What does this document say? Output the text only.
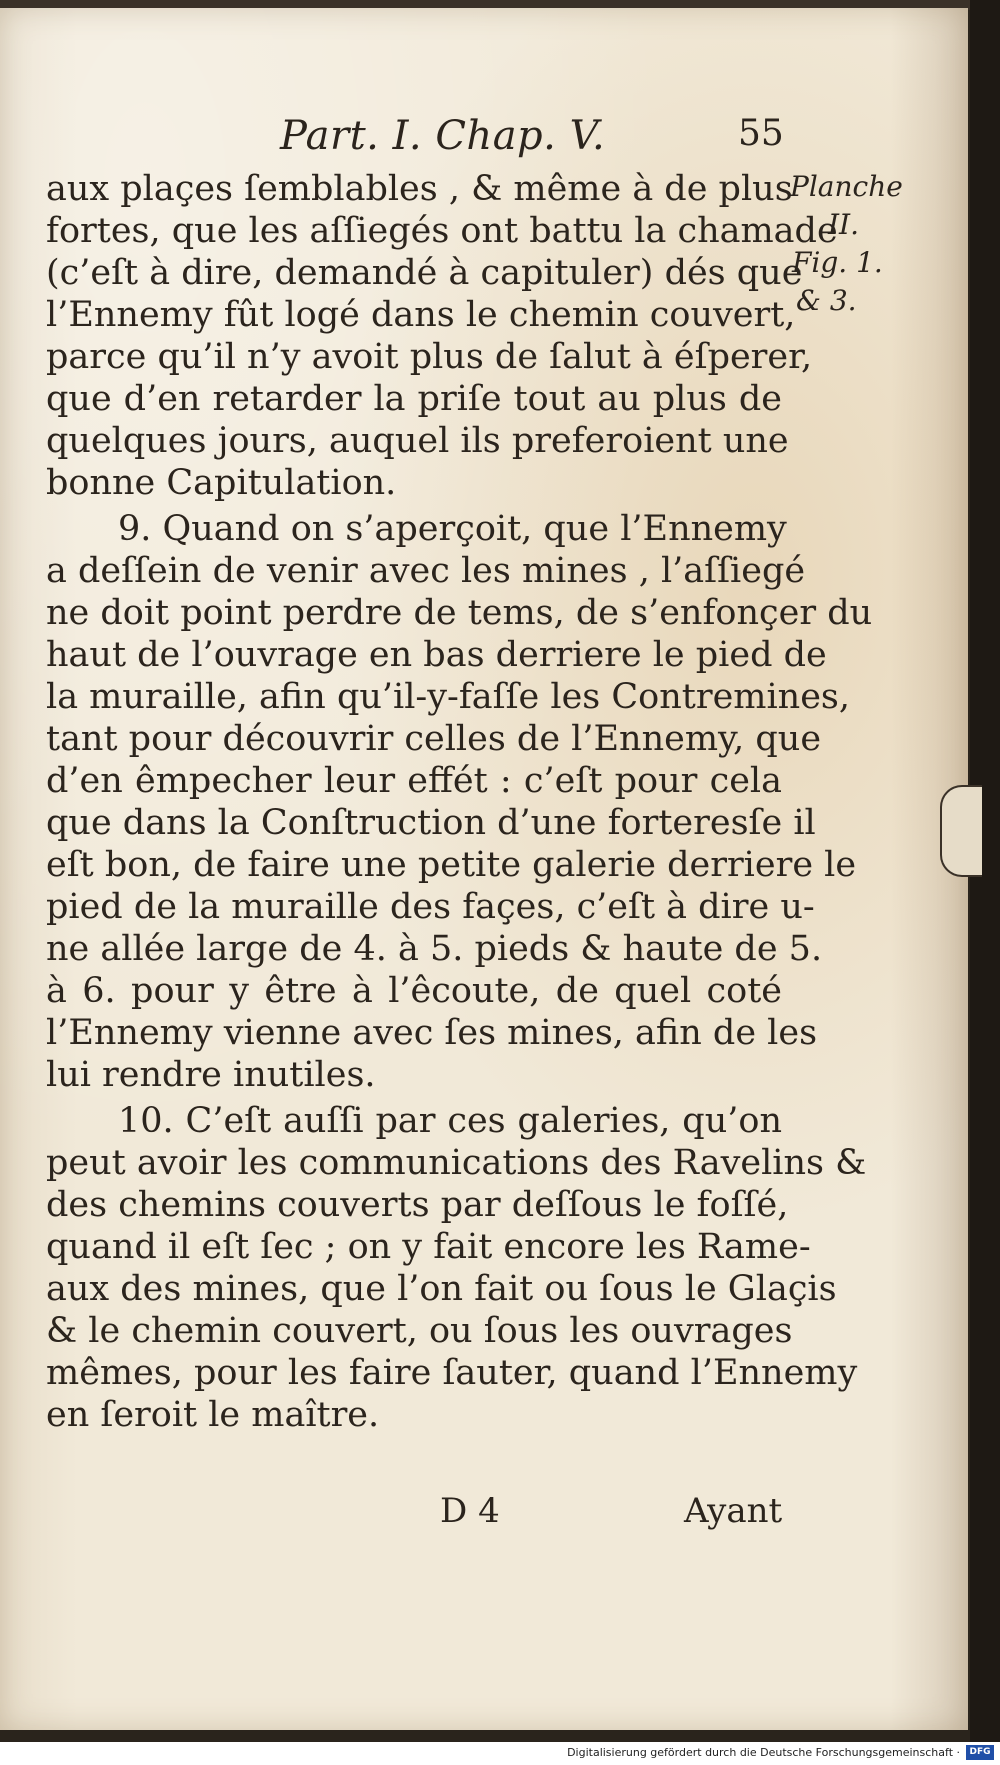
Part. I. Chap. V.	55
Planche
II.
Fig. 1.
& 3.
aux plaçes ſemblables , & même à de plus
fortes, que les aſſiegés ont battu la chamade
(c’eſt à dire, demandé à capituler) dés que
l’Ennemy fût logé dans le chemin couvert,
parce qu’il n’y avoit plus de ſalut à éſperer,
que d’en retarder la priſe tout au plus de
quelques jours, auquel ils preferoient une
bonne Capitulation.
9. Quand on s’aperçoit, que l’Ennemy
a deſſein de venir avec les mines , l’aſſiegé
ne doit point perdre de tems, de s’enfonçer du
haut de l’ouvrage en bas derriere le pied de
la muraille, afin qu’il-y-faſſe les Contremines,
tant pour découvrir celles de l’Ennemy, que
d’en êmpecher leur effét : c’eſt pour cela
que dans la Conſtruction d’une forteresſe il
eſt bon, de faire une petite galerie derriere le
pied de la muraille des façes, c’eſt à dire u-
ne allée large de 4. à 5. pieds & haute de 5.
à 6. pour y être à l’êcoute, de quel coté
l’Ennemy vienne avec ſes mines, afin de les
lui rendre inutiles.
10. C’eſt auſſi par ces galeries, qu’on
peut avoir les communications des Ravelins &
des chemins couverts par deſſous le foſſé,
quand il eſt ſec ; on y fait encore les Rame-
aux des mines, que l’on fait ou ſous le Glaçis
& le chemin couvert, ou ſous les ouvrages
mêmes, pour les faire ſauter, quand l’Ennemy
en ſeroit le maître.
D 4	Ayant
Digitalisierung gefördert durch die Deutsche Forschungsgemeinschaft ·	DFG
